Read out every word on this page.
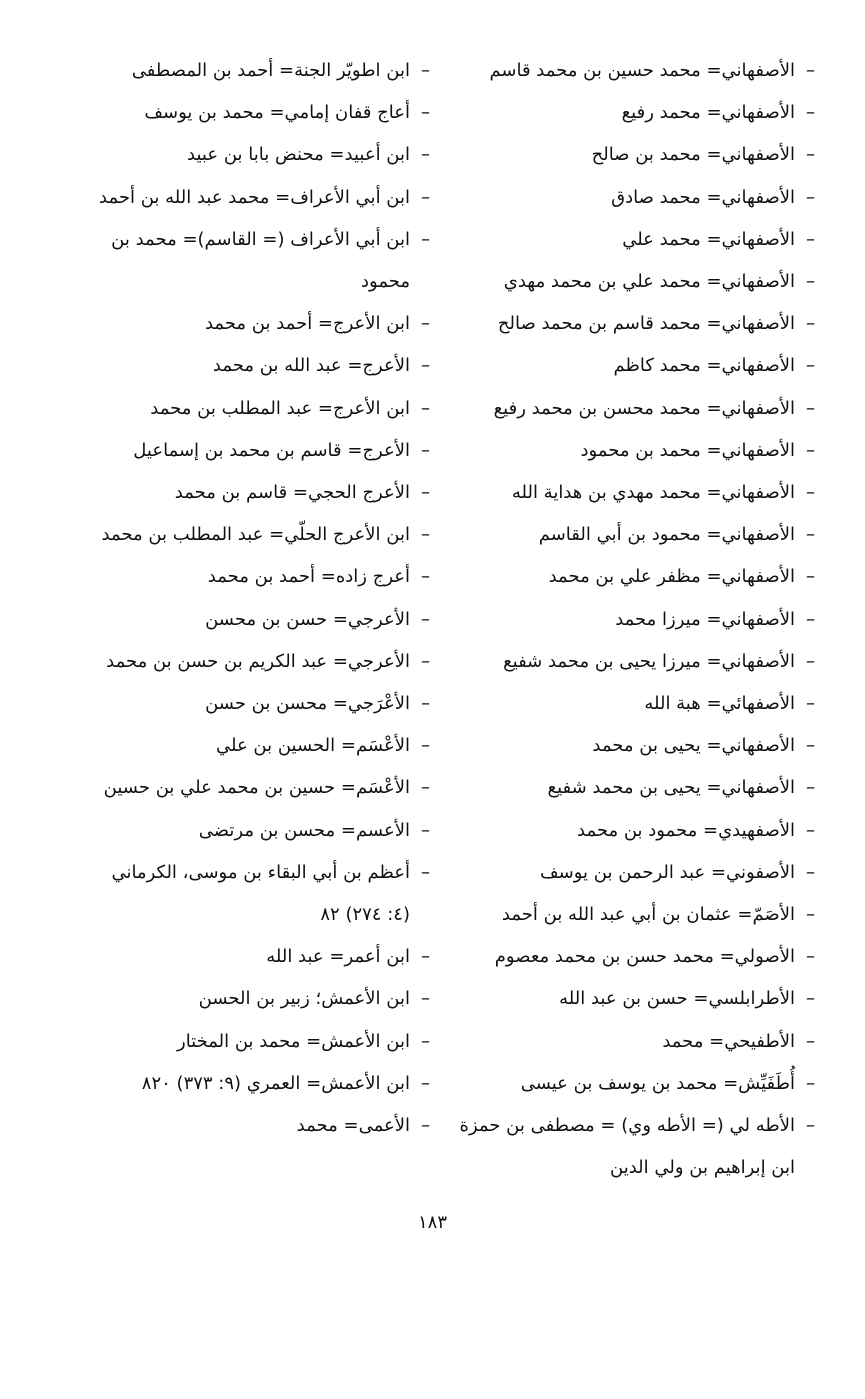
–الأصفهاني= محمد حسين بن محمد قاسم
–الأصفهاني= محمد رفيع
–الأصفهاني= محمد بن صالح
–الأصفهاني= محمد صادق
–الأصفهاني= محمد علي
–الأصفهاني= محمد علي بن محمد مهدي
–الأصفهاني= محمد قاسم بن محمد صالح
–الأصفهاني= محمد كاظم
–الأصفهاني= محمد محسن بن محمد رفيع
–الأصفهاني= محمد بن محمود
–الأصفهاني= محمد مهدي بن هداية الله
–الأصفهاني= محمود بن أبي القاسم
–الأصفهاني= مظفر علي بن محمد
–الأصفهاني= ميرزا محمد
–الأصفهاني= ميرزا يحيى بن محمد شفيع
–الأصفهائي= هبة الله
–الأصفهاني= يحيى بن محمد
–الأصفهاني= يحيى بن محمد شفيع
–الأصفهيدي= محمود بن محمد
–الأصفوني= عبد الرحمن بن يوسف
–الأصَمّ= عثمان بن أبي عبد الله بن أحمد
–الأصولي= محمد حسن بن محمد معصوم
–الأطرابلسي= حسن بن عبد الله
–الأطفيحي= محمد
–أُطَفَيِّش= محمد بن يوسف بن عيسى
–الأطه لي (= الأطه وي) = مصطفى بن حمزة ابن إبراهيم بن ولي الدين
–ابن اطويّر الجنة= أحمد بن المصطفى
–أعاج قفان إمامي= محمد بن يوسف
–ابن أعبيد= محنض بابا بن عبيد
–ابن أبي الأعراف= محمد عبد الله بن أحمد
–ابن أبي الأعراف (= القاسم)= محمد بن محمود
–ابن الأعرج= أحمد بن محمد
–الأعرج= عبد الله بن محمد
–ابن الأعرج= عبد المطلب بن محمد
–الأعرج= قاسم بن محمد بن إسماعيل
–الأعرج الحجي= قاسم بن محمد
–ابن الأعرج الحلّي= عبد المطلب بن محمد
–أعرج زاده= أحمد بن محمد
–الأعرجي= حسن بن محسن
–الأعرجي= عبد الكريم بن حسن بن محمد
–الأعْرَجي= محسن بن حسن
–الأعْسَم= الحسين بن علي
–الأعْسَم= حسين بن محمد علي بن حسين
–الأعسم= محسن بن مرتضى
–أعظم بن أبي البقاء بن موسى، الكرماني (٤: ٢٧٤) ٨٢
–ابن أعمر= عبد الله
–ابن الأعمش؛ زبير بن الحسن
–ابن الأعمش= محمد بن المختار
–ابن الأعمش= العمري (٩: ٣٧٣) ٨٢٠
–الأعمى= محمد
١٨٣
